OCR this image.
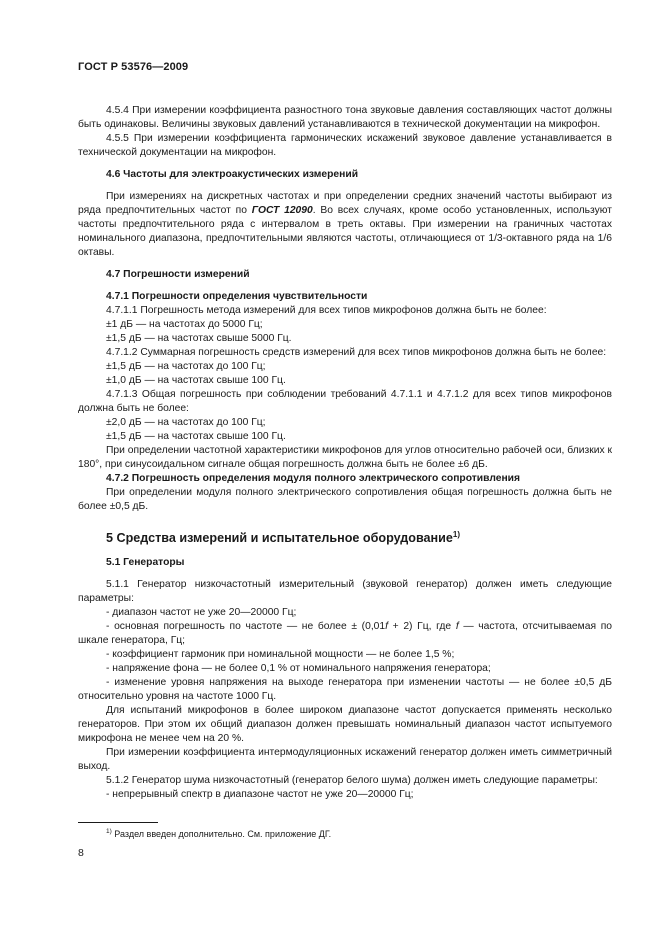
ГОСТ Р 53576—2009

4.5.4 При измерении коэффициента разностного тона звуковые давления составляющих частот должны быть одинаковы. Величины звуковых давлений устанавливаются в технической документации на микрофон.

4.5.5 При измерении коэффициента гармонических искажений звуковое давление устанавливается в технической документации на микрофон.

4.6 Частоты для электроакустических измерений

При измерениях на дискретных частотах и при определении средних значений частоты выбирают из ряда предпочтительных частот по ГОСТ 12090. Во всех случаях, кроме особо установленных, используют частоты предпочтительного ряда с интервалом в треть октавы. При измерении на граничных частотах номинального диапазона, предпочтительными являются частоты, отличающиеся от 1/3-октавного ряда на 1/6 октавы.

4.7 Погрешности измерений

4.7.1 Погрешности определения чувствительности

4.7.1.1 Погрешность метода измерений для всех типов микрофонов должна быть не более:

±1 дБ — на частотах до 5000 Гц;

±1,5 дБ — на частотах свыше 5000 Гц.

4.7.1.2 Суммарная погрешность средств измерений для всех типов микрофонов должна быть не более:

±1,5 дБ — на частотах до 100 Гц;

±1,0 дБ — на частотах свыше 100 Гц.

4.7.1.3 Общая погрешность при соблюдении требований 4.7.1.1 и 4.7.1.2 для всех типов микрофонов должна быть не более:

±2,0 дБ — на частотах до 100 Гц;

±1,5 дБ — на частотах свыше 100 Гц.

При определении частотной характеристики микрофонов для углов относительно рабочей оси, близких к 180°, при синусоидальном сигнале общая погрешность должна быть не более ±6 дБ.

4.7.2 Погрешность определения модуля полного электрического сопротивления

При определении модуля полного электрического сопротивления общая погрешность должна быть не более ±0,5 дБ.

5 Средства измерений и испытательное оборудование$^{1)}$

5.1 Генераторы

5.1.1 Генератор низкочастотный измерительный (звуковой генератор) должен иметь следующие параметры:

- диапазон частот не уже 20—20000 Гц;

- основная погрешность по частоте — не более ± (0,01f + 2) Гц, где f — частота, отсчитываемая по шкале генератора, Гц;

- коэффициент гармоник при номинальной мощности — не более 1,5 %;

- напряжение фона — не более 0,1 % от номинального напряжения генератора;

- изменение уровня напряжения на выходе генератора при изменении частоты — не более ±0,5 дБ относительно уровня на частоте 1000 Гц.

Для испытаний микрофонов в более широком диапазоне частот допускается применять несколько генераторов. При этом их общий диапазон должен превышать номинальный диапазон частот испытуемого микрофона не менее чем на 20 %.

При измерении коэффициента интермодуляционных искажений генератор должен иметь симметричный выход.

5.1.2 Генератор шума низкочастотный (генератор белого шума) должен иметь следующие параметры:

- непрерывный спектр в диапазоне частот не уже 20—20000 Гц;

$^{1)}$ Раздел введен дополнительно. См. приложение ДГ.
8
